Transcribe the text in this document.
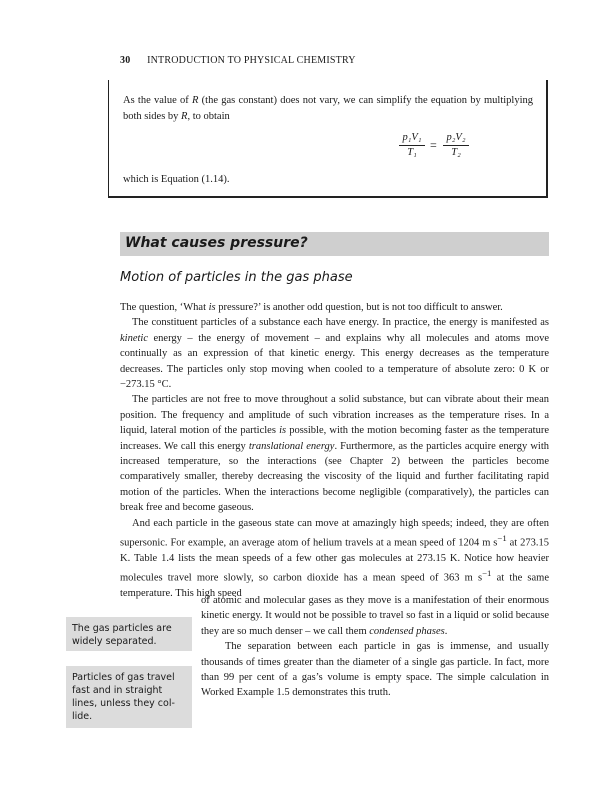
30 INTRODUCTION TO PHYSICAL CHEMISTRY

As the value of R (the gas constant) does not vary, we can simplify the equation by multiplying both sides by R, to obtain

$\frac{\text{p₁V₁}}{\text{T₁}} = \frac{\text{p₂V₂}}{\text{T₂}}$

which is Equation (1.14).

What causes pressure?
Motion of particles in the gas phase

The question, ‘What is pressure?’ is another odd question, but is not too difficult to answer.

The constituent particles of a substance each have energy. In practice, the energy is manifested as kinetic energy – the energy of movement – and explains why all molecules and atoms move continually as an expression of that kinetic energy. This energy decreases as the temperature decreases. The particles only stop moving when cooled to a temperature of absolute zero: 0 K or −273.15 °C.

The particles are not free to move throughout a solid substance, but can vibrate about their mean position. The frequency and amplitude of such vibration increases as the temperature rises. In a liquid, lateral motion of the particles is possible, with the motion becoming faster as the temperature increases. We call this energy translational energy. Furthermore, as the particles acquire energy with increased temperature, so the interactions (see Chapter 2) between the particles become comparatively smaller, thereby decreasing the viscosity of the liquid and further facilitating rapid motion of the particles. When the interactions become negligible (comparatively), the particles can break free and become gaseous.

And each particle in the gaseous state can move at amazingly high speeds; indeed, they are often supersonic. For example, an average atom of helium travels at a mean speed of 1204 m $s^{-1}$ at 273.15 K. Table 1.4 lists the mean speeds of a few other gas molecules at 273.15 K. Notice how heavier molecules travel more slowly, so carbon dioxide has a mean speed of 363 m $s^{-1}$ at the same temperature. This high speed

of atomic and molecular gases as they move is a manifestation of their enormous kinetic energy. It would not be possible to travel so fast in a liquid or solid because they are so much denser – we call them condensed phases.

The separation between each particle in gas is immense, and usually thousands of times greater than the diameter of a single gas particle. In fact, more than 99 per cent of a gas’s volume is empty space. The simple calculation in Worked Example 1.5 demonstrates this truth.

The gas particles are widely separated.
Particles of gas travel fast and in straight lines, unless they col-lide.
